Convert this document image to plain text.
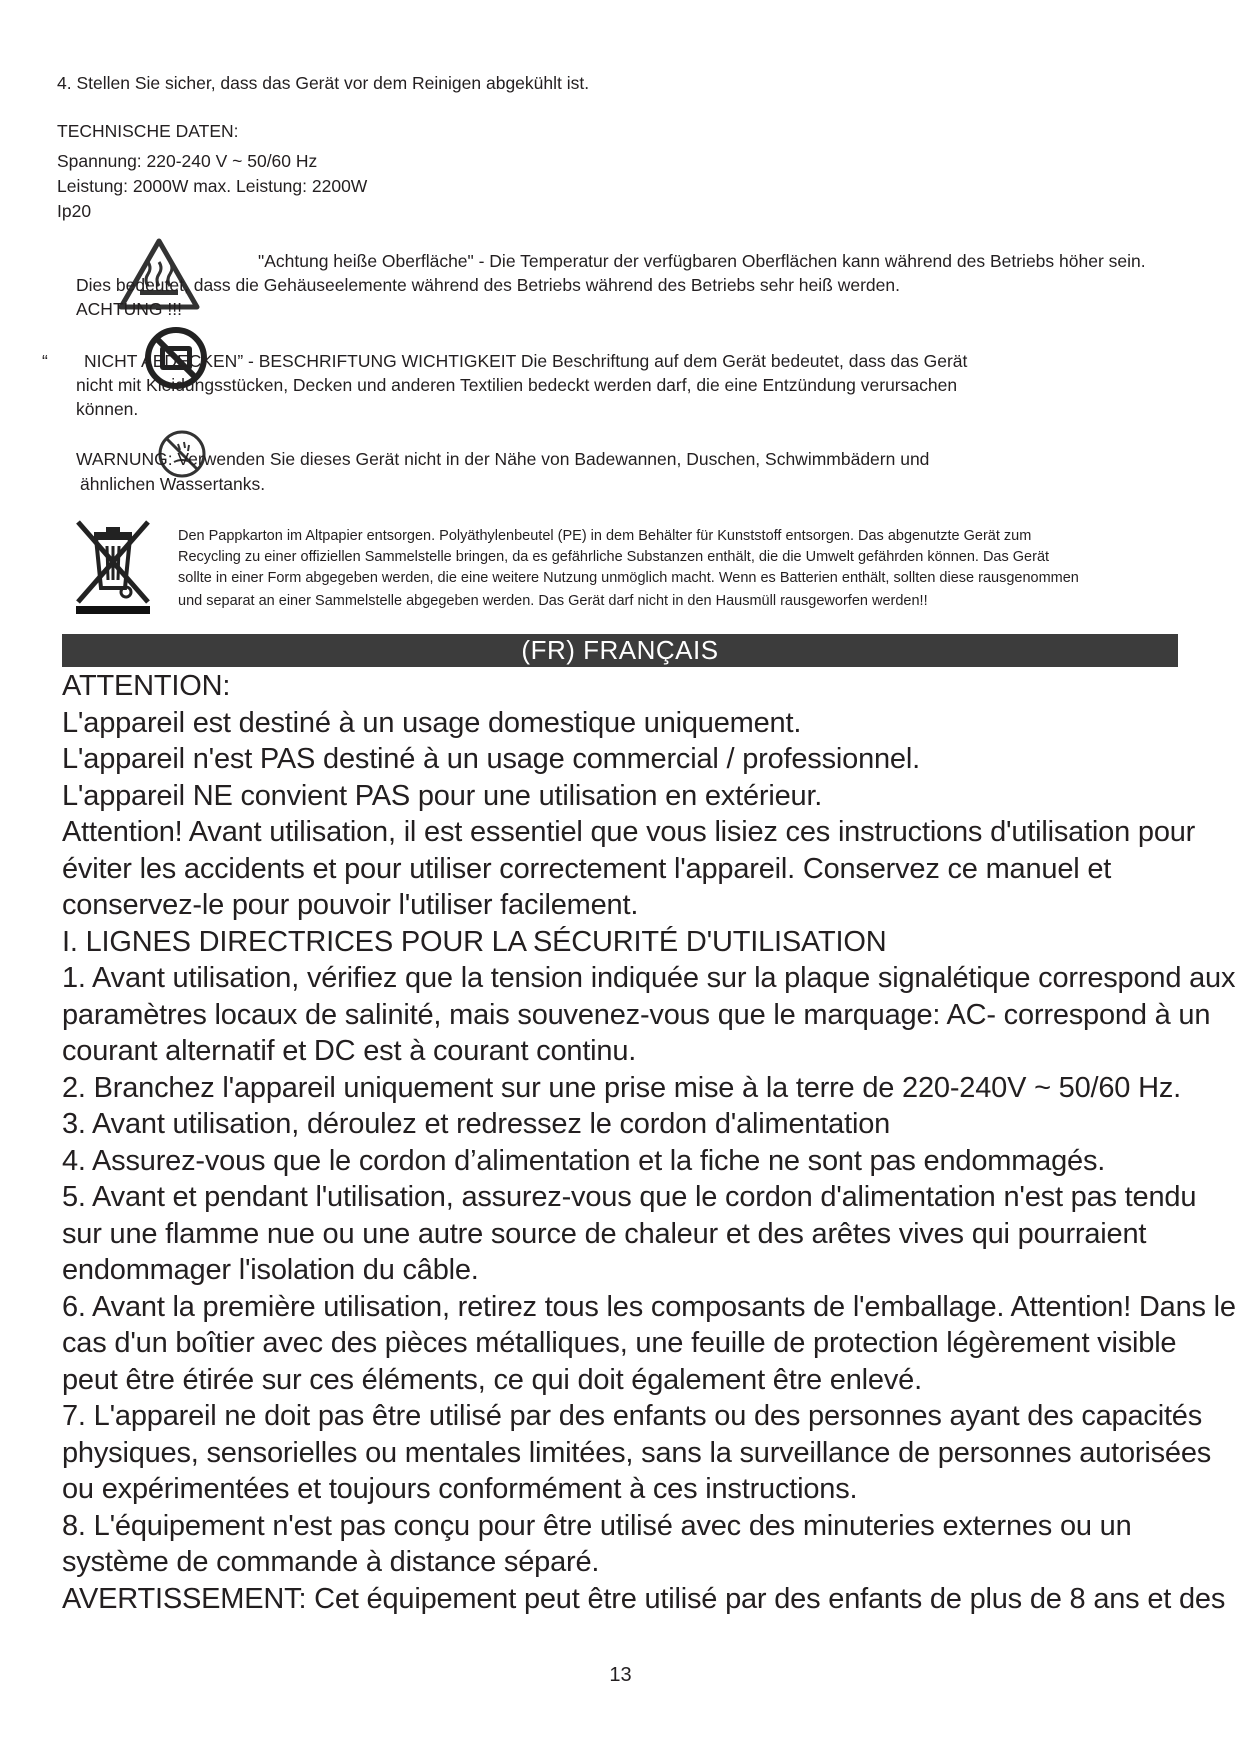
4. Stellen Sie sicher, dass das Gerät vor dem Reinigen abgekühlt ist.
TECHNISCHE DATEN:
Spannung: 220-240 V ~ 50/60 Hz
Leistung: 2000W max. Leistung: 2200W
Ip20
"Achtung heiße Oberfläche" - Die Temperatur der verfügbaren Oberflächen kann während des Betriebs höher sein.
Dies bedeutet, dass die Gehäuseelemente während des Betriebs während des Betriebs sehr heiß werden.
ACHTUNG !!!
“ NICHT ABDECKEN” - BESCHRIFTUNG WICHTIGKEIT Die Beschriftung auf dem Gerät bedeutet, dass das Gerät
nicht mit Kleidungsstücken, Decken und anderen Textilien bedeckt werden darf, die eine Entzündung verursachen
können.
WARNUNG: Verwenden Sie dieses Gerät nicht in der Nähe von Badewannen, Duschen, Schwimmbädern und
ähnlichen Wassertanks.
Den Pappkarton im Altpapier entsorgen. Polyäthylenbeutel (PE) in dem Behälter für Kunststoff entsorgen. Das abgenutzte Gerät zum
Recycling zu einer offiziellen Sammelstelle bringen, da es gefährliche Substanzen enthält, die die Umwelt gefährden können. Das Gerät
sollte in einer Form abgegeben werden, die eine weitere Nutzung unmöglich macht. Wenn es Batterien enthält, sollten diese rausgenommen
und separat an einer Sammelstelle abgegeben werden. Das Gerät darf nicht in den Hausmüll rausgeworfen werden!!
(FR) FRANÇAIS
ATTENTION:
L'appareil est destiné à un usage domestique uniquement.
L'appareil n'est PAS destiné à un usage commercial / professionnel.
L'appareil NE convient PAS pour une utilisation en extérieur.
Attention! Avant utilisation, il est essentiel que vous lisiez ces instructions d'utilisation pour
éviter les accidents et pour utiliser correctement l'appareil. Conservez ce manuel et
conservez-le pour pouvoir l'utiliser facilement.
I. LIGNES DIRECTRICES POUR LA SÉCURITÉ D'UTILISATION
1. Avant utilisation, vérifiez que la tension indiquée sur la plaque signalétique correspond aux
paramètres locaux de salinité, mais souvenez-vous que le marquage: AC- correspond à un
courant alternatif et DC est à courant continu.
2. Branchez l'appareil uniquement sur une prise mise à la terre de 220-240V ~ 50/60 Hz.
3. Avant utilisation, déroulez et redressez le cordon d'alimentation
4. Assurez-vous que le cordon d’alimentation et la fiche ne sont pas endommagés.
5. Avant et pendant l'utilisation, assurez-vous que le cordon d'alimentation n'est pas tendu
sur une flamme nue ou une autre source de chaleur et des arêtes vives qui pourraient
endommager l'isolation du câble.
6. Avant la première utilisation, retirez tous les composants de l'emballage. Attention! Dans le
cas d'un boîtier avec des pièces métalliques, une feuille de protection légèrement visible
peut être étirée sur ces éléments, ce qui doit également être enlevé.
7. L'appareil ne doit pas être utilisé par des enfants ou des personnes ayant des capacités
physiques, sensorielles ou mentales limitées, sans la surveillance de personnes autorisées
ou expérimentées et toujours conformément à ces instructions.
8. L'équipement n'est pas conçu pour être utilisé avec des minuteries externes ou un
système de commande à distance séparé.
AVERTISSEMENT: Cet équipement peut être utilisé par des enfants de plus de 8 ans et des
13
